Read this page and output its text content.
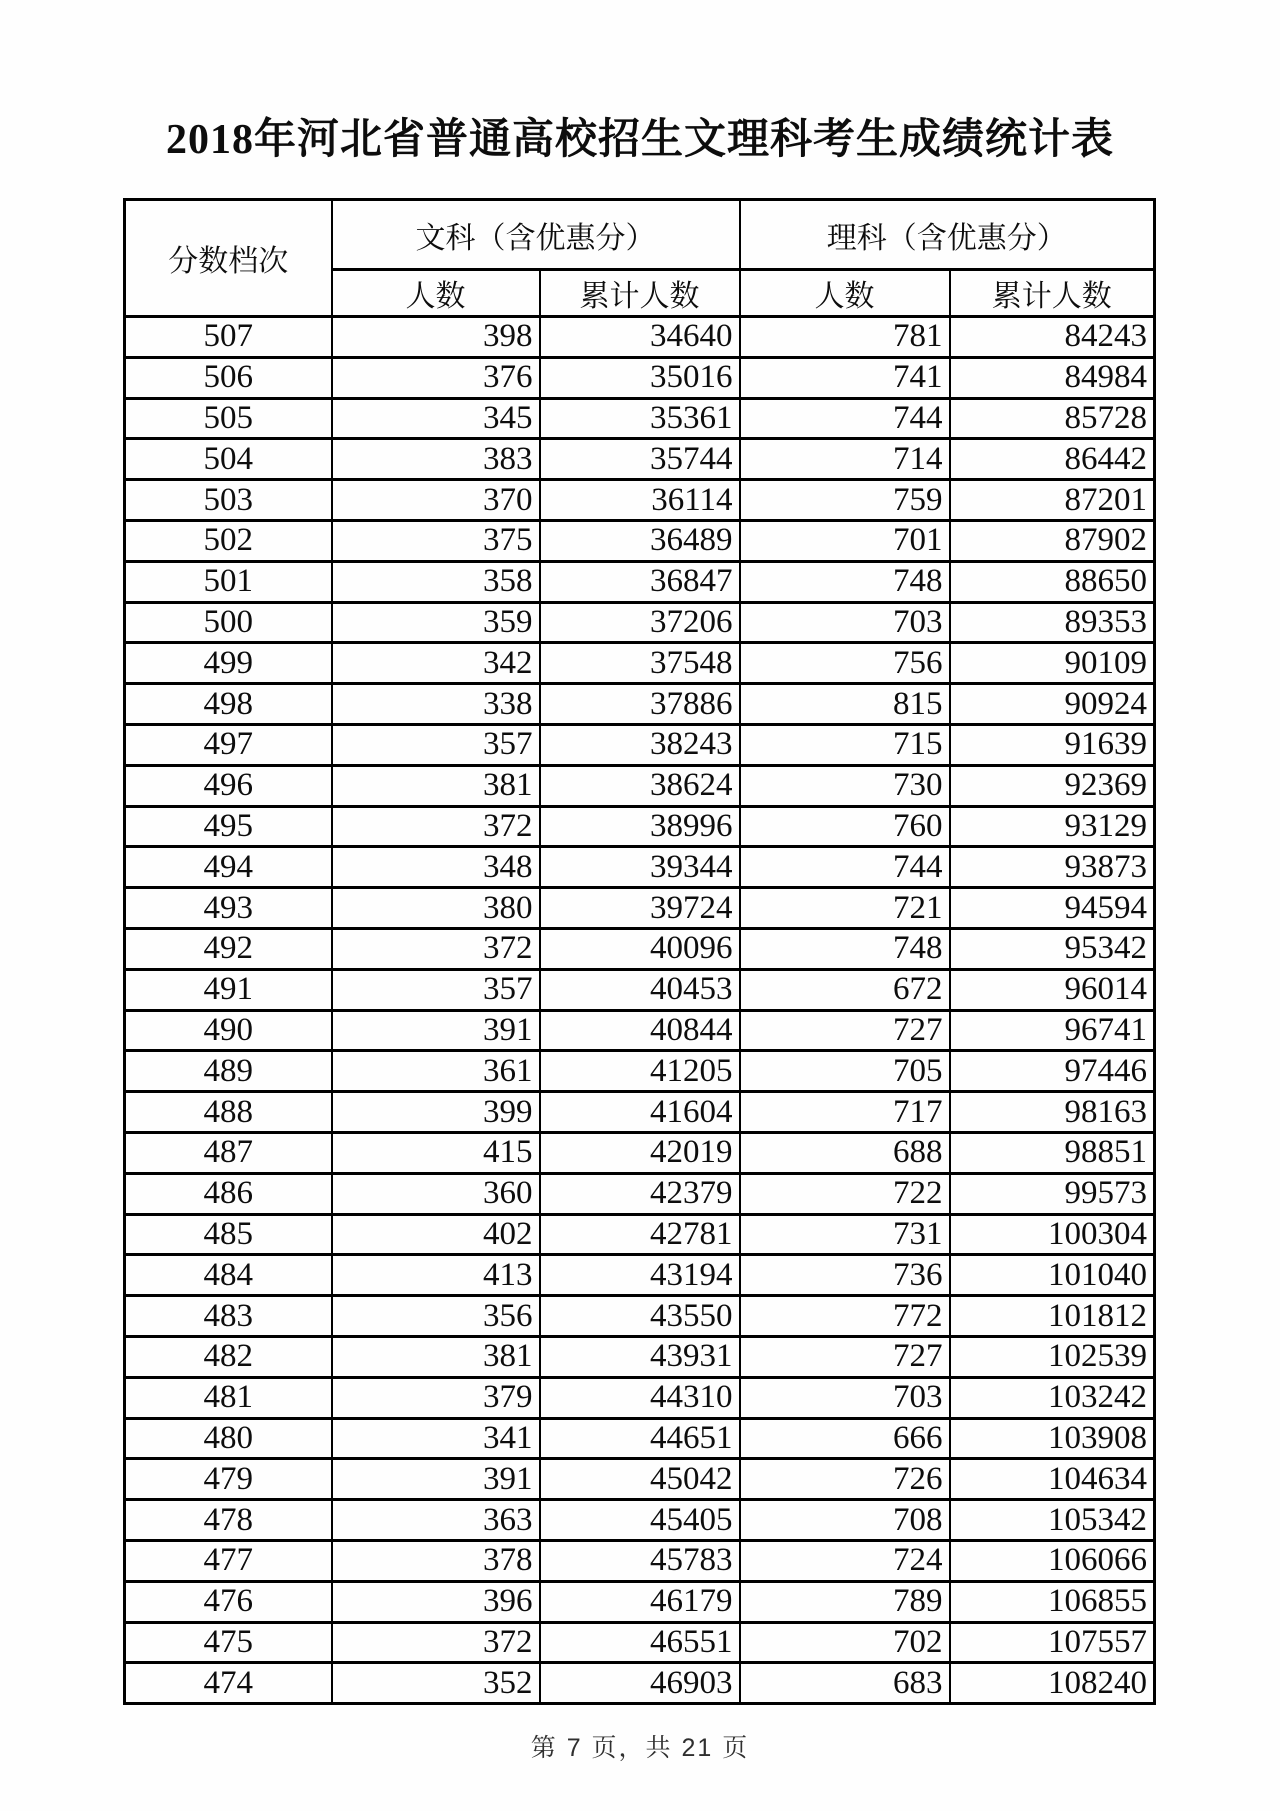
2018年河北省普通高校招生文理科考生成绩统计表
分数档次	文科（含优惠分）		理科（含优惠分）	
	人数	累计人数	人数	累计人数
507	398	34640	781	84243
506	376	35016	741	84984
505	345	35361	744	85728
504	383	35744	714	86442
503	370	36114	759	87201
502	375	36489	701	87902
501	358	36847	748	88650
500	359	37206	703	89353
499	342	37548	756	90109
498	338	37886	815	90924
497	357	38243	715	91639
496	381	38624	730	92369
495	372	38996	760	93129
494	348	39344	744	93873
493	380	39724	721	94594
492	372	40096	748	95342
491	357	40453	672	96014
490	391	40844	727	96741
489	361	41205	705	97446
488	399	41604	717	98163
487	415	42019	688	98851
486	360	42379	722	99573
485	402	42781	731	100304
484	413	43194	736	101040
483	356	43550	772	101812
482	381	43931	727	102539
481	379	44310	703	103242
480	341	44651	666	103908
479	391	45042	726	104634
478	363	45405	708	105342
477	378	45783	724	106066
476	396	46179	789	106855
475	372	46551	702	107557
474	352	46903	683	108240
第 7 页，共 21 页
